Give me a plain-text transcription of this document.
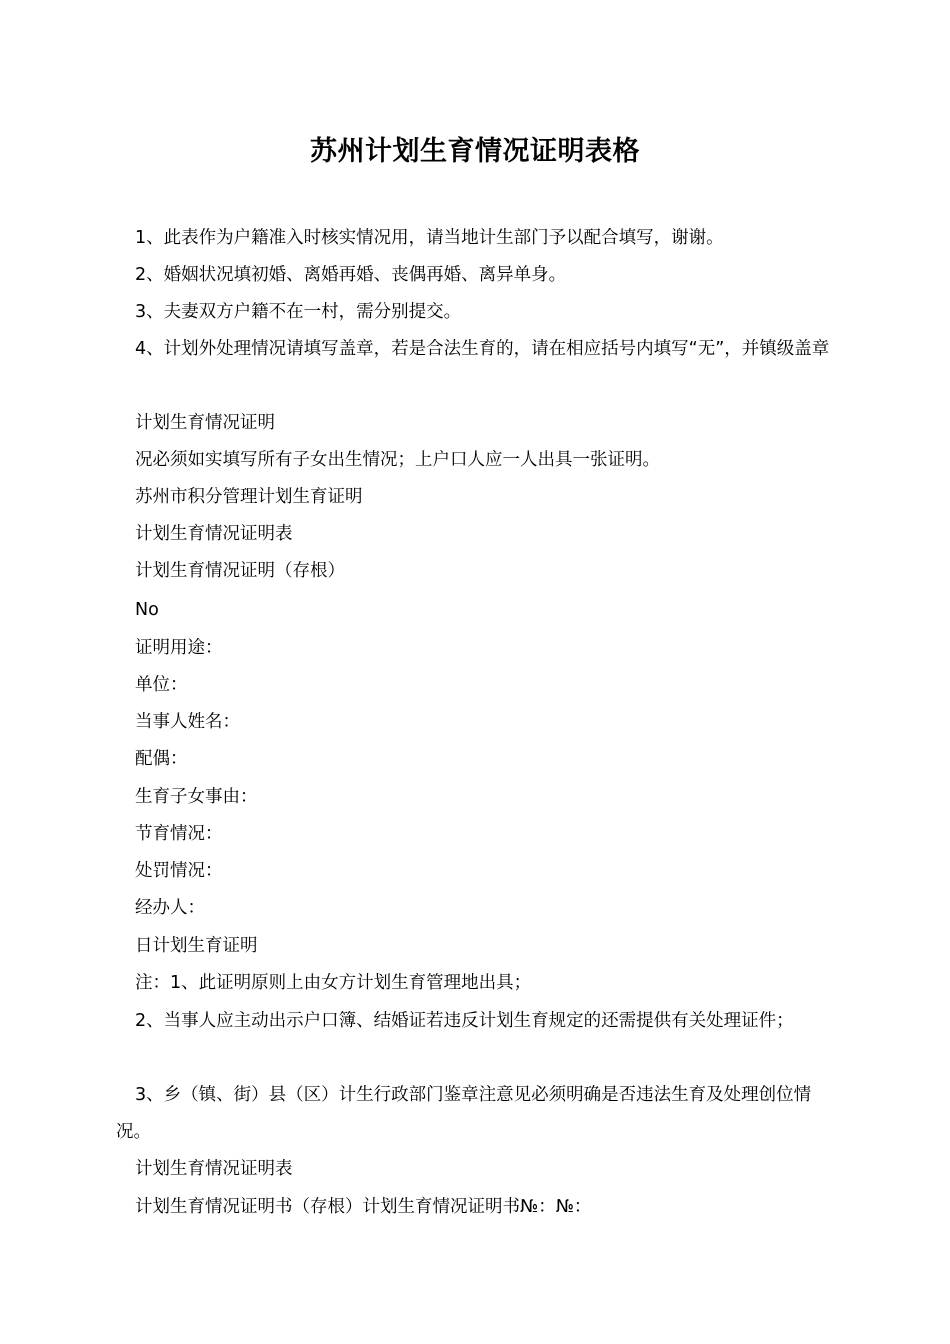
苏州计划生育情况证明表格
1、此表作为户籍准入时核实情况用，请当地计生部门予以配合填写，谢谢。
2、婚姻状况填初婚、离婚再婚、丧偶再婚、离异单身。
3、夫妻双方户籍不在一村，需分别提交。
4、计划外处理情况请填写盖章，若是合法生育的，请在相应括号内填写“无”，并镇级盖章
计划生育情况证明
况必须如实填写所有子女出生情况；上户口人应一人出具一张证明。
苏州市积分管理计划生育证明
计划生育情况证明表
计划生育情况证明（存根）
No
证明用途：
单位：
当事人姓名：
配偶：
生育子女事由：
节育情况：
处罚情况：
经办人：
日计划生育证明
注：1、此证明原则上由女方计划生育管理地出具；
2、当事人应主动出示户口簿、结婚证若违反计划生育规定的还需提供有关处理证件；
3、乡（镇、街）县（区）计生行政部门鉴章注意见必须明确是否违法生育及处理创位情况。
计划生育情况证明表
计划生育情况证明书（存根）计划生育情况证明书№：№：
